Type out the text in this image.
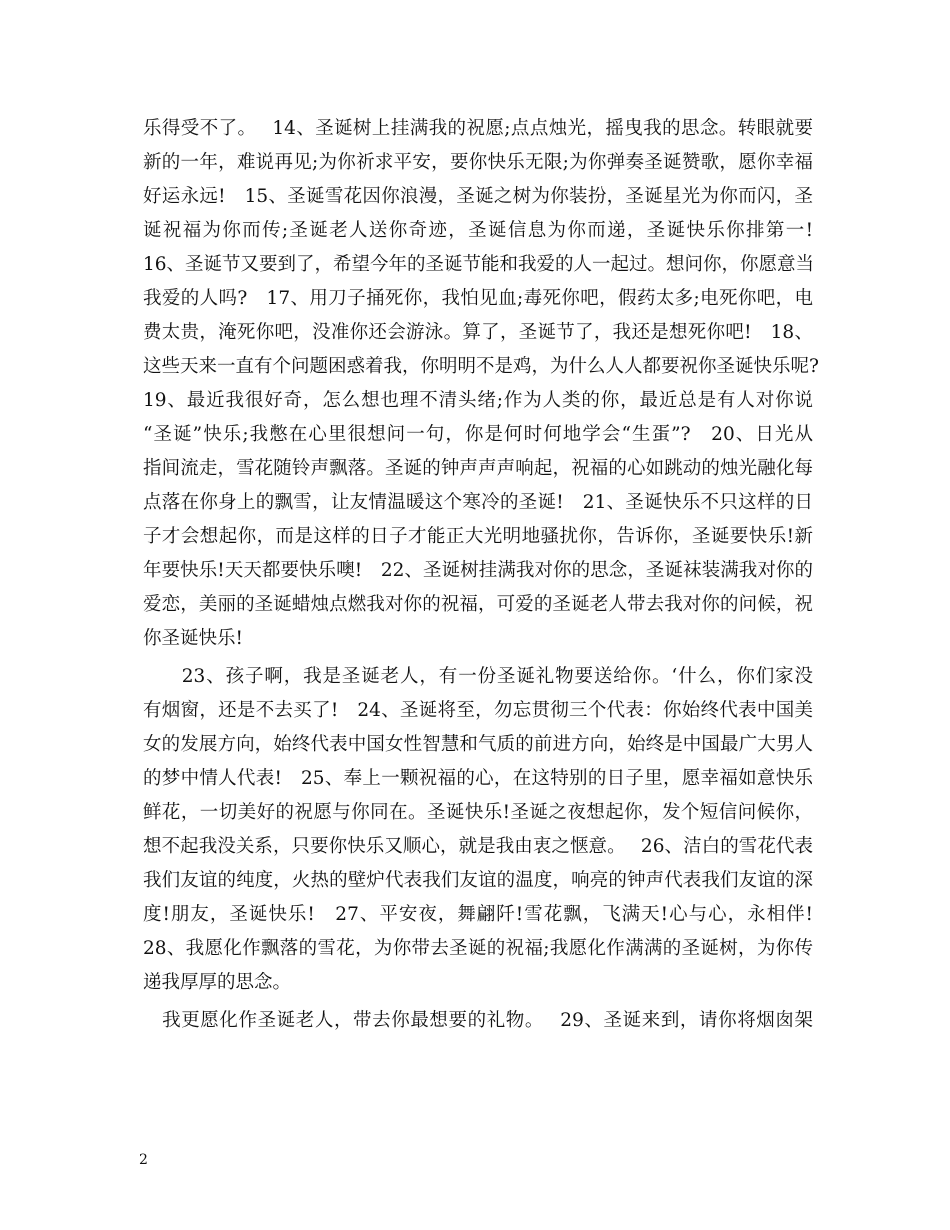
乐得受不了。　 14、圣诞树上挂满我的祝愿;点点烛光，摇曳我的思念。转眼就要
新的一年，难说再见;为你祈求平安，要你快乐无限;为你弹奏圣诞赞歌，愿你幸福
好运永远!　15、圣诞雪花因你浪漫，圣诞之树为你装扮，圣诞星光为你而闪，圣
诞祝福为你而传;圣诞老人送你奇迹，圣诞信息为你而递，圣诞快乐你排第一!
16、圣诞节又要到了，希望今年的圣诞节能和我爱的人一起过。想问你，你愿意当
我爱的人吗?　17、用刀子捅死你，我怕见血;毒死你吧，假药太多;电死你吧，电
费太贵，淹死你吧，没准你还会游泳。算了，圣诞节了，我还是想死你吧!　18、
这些天来一直有个问题困惑着我，你明明不是鸡，为什么人人都要祝你圣诞快乐呢?
19、最近我很好奇，怎么想也理不清头绪;作为人类的你，最近总是有人对你说
“圣诞”快乐;我憋在心里很想问一句，你是何时何地学会“生蛋”?　20、日光从
指间流走，雪花随铃声飘落。圣诞的钟声声声响起，祝福的心如跳动的烛光融化每
点落在你身上的飘雪，让友情温暖这个寒冷的圣诞!　21、圣诞快乐不只这样的日
子才会想起你，而是这样的日子才能正大光明地骚扰你，告诉你，圣诞要快乐!新
年要快乐!天天都要快乐噢!　22、圣诞树挂满我对你的思念，圣诞袜装满我对你的
爱恋，美丽的圣诞蜡烛点燃我对你的祝福，可爱的圣诞老人带去我对你的问候，祝
你圣诞快乐!
　　23、孩子啊，我是圣诞老人，有一份圣诞礼物要送给你。‘什么，你们家没
有烟窗，还是不去买了!　24、圣诞将至，勿忘贯彻三个代表：你始终代表中国美
女的发展方向，始终代表中国女性智慧和气质的前进方向，始终是中国最广大男人
的梦中情人代表!　25、奉上一颗祝福的心，在这特别的日子里，愿幸福如意快乐
鲜花，一切美好的祝愿与你同在。圣诞快乐!圣诞之夜想起你，发个短信问候你，
想不起我没关系，只要你快乐又顺心，就是我由衷之惬意。　 26、洁白的雪花代表
我们友谊的纯度，火热的壁炉代表我们友谊的温度，响亮的钟声代表我们友谊的深
度!朋友，圣诞快乐!　27、平安夜，舞翩阡!雪花飘，飞满天!心与心，永相伴!
28、我愿化作飘落的雪花，为你带去圣诞的祝福;我愿化作满满的圣诞树，为你传
递我厚厚的思念。
　我更愿化作圣诞老人，带去你最想要的礼物。　 29、圣诞来到，请你将烟囱架
2
